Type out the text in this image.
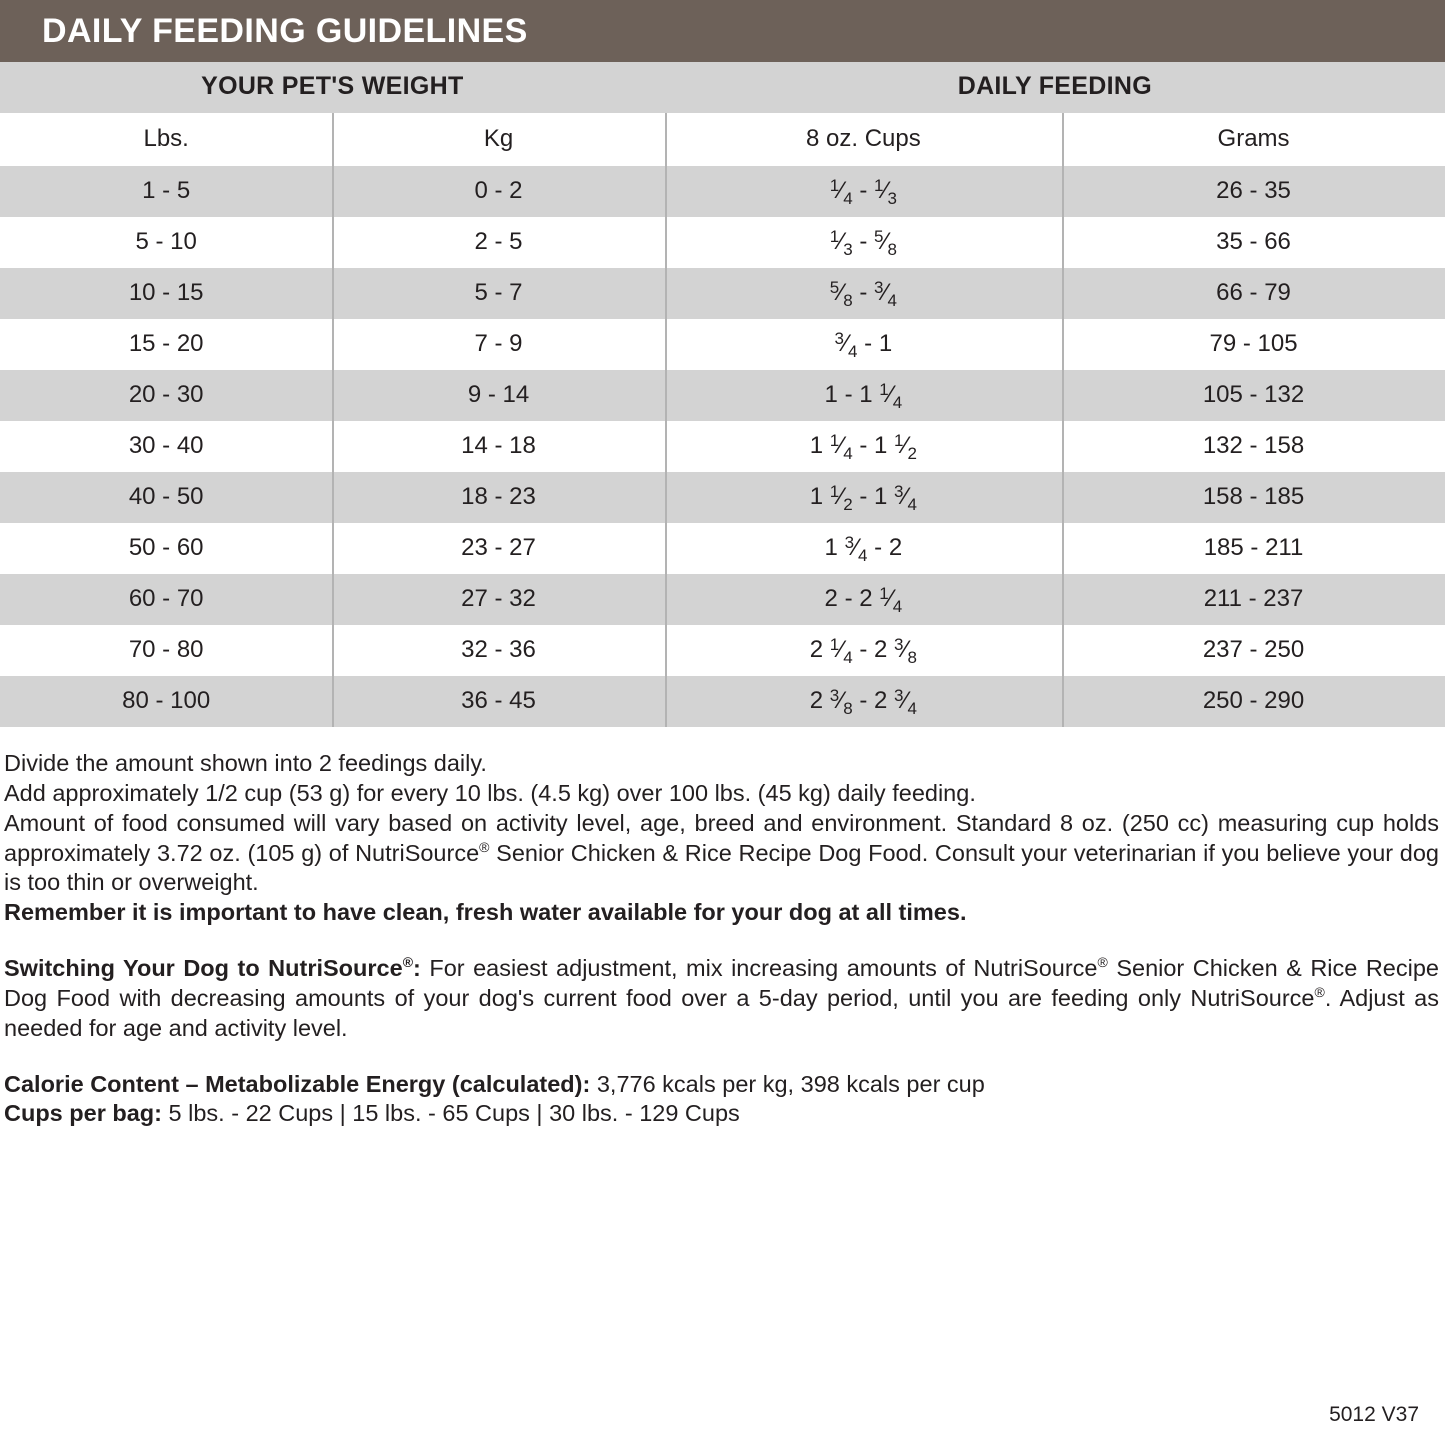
DAILY FEEDING GUIDELINES
YOUR PET'S WEIGHT		DAILY FEEDING	
Lbs.	Kg	8 oz. Cups	Grams
1 - 5	0 - 2	$^1⁄_4$ - $^1⁄_3$	26 - 35
5 - 10	2 - 5	$^1⁄_3$ - $^5⁄_8$	35 - 66
10 - 15	5 - 7	$^5⁄_8$ - $^3⁄_4$	66 - 79
15 - 20	7 - 9	$^3⁄_4 - 1$	79 - 105
20 - 30	9 - 14	1 - 1 $^1⁄_4$	105 - 132
30 - 40	14 - 18	1 $^1⁄_4 - 1$ $^1⁄_2$	132 - 158
40 - 50	18 - 23	1 $^1⁄_2 - 1$ $^3⁄_4$	158 - 185
50 - 60	23 - 27	1 $^3⁄_4 - 2$	185 - 211
60 - 70	27 - 32	2 - 2 $^1⁄_4$	211 - 237
70 - 80	32 - 36	2 $^1⁄_4 - 2$ $^3⁄_8$	237 - 250
80 - 100	36 - 45	2 $^3⁄_8 - 2$ $^3⁄_4$	250 - 290

Divide the amount shown into 2 feedings daily.

Add approximately 1/2 cup (53 g) for every 10 lbs. (4.5 kg) over 100 lbs. (45 kg) daily feeding.

Amount of food consumed will vary based on activity level, age, breed and environment. Standard 8 oz. (250 cc) measuring cup holds approximately 3.72 oz. (105 g) of NutriSource® Senior Chicken & Rice Recipe Dog Food. Consult your veterinarian if you believe your dog is too thin or overweight.

Remember it is important to have clean, fresh water available for your dog at all times.

Switching Your Dog to NutriSource®: For easiest adjustment, mix increasing amounts of NutriSource® Senior Chicken & Rice Recipe Dog Food with decreasing amounts of your dog's current food over a 5-day period, until you are feeding only NutriSource®. Adjust as needed for age and activity level.

Calorie Content – Metabolizable Energy (calculated): 3,776 kcals per kg, 398 kcals per cup

Cups per bag: 5 lbs. - 22 Cups | 15 lbs. - 65 Cups | 30 lbs. - 129 Cups

5012 V37
